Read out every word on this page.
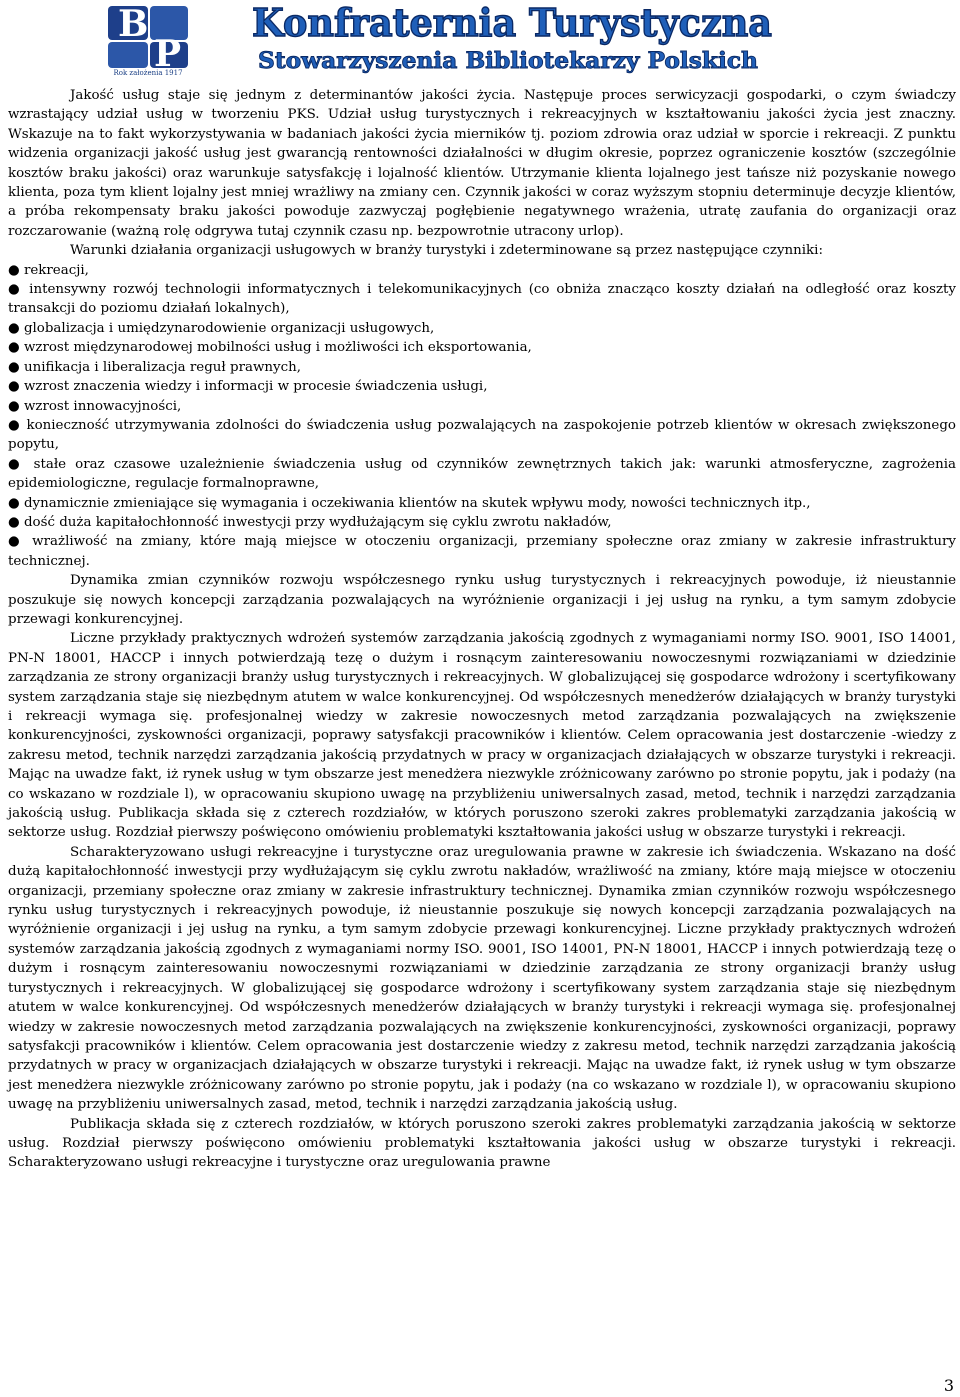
B
P
Rok założenia 1917
Konfraternia Turystyczna
Stowarzyszenia Bibliotekarzy Polskich

Jakość usług staje się jednym z determinantów jakości życia. Następuje proces serwicyzacji gospodarki, o czym świadczy wzrastający udział usług w tworzeniu PKS. Udział usług turystycznych i rekreacyjnych w kształtowaniu jakości życia jest znaczny. Wskazuje na to fakt wykorzystywania w badaniach jakości życia mierników tj. poziom zdrowia oraz udział w sporcie i rekreacji. Z punktu widzenia organizacji jakość usług jest gwarancją rentowności działalności w długim okresie, poprzez ograniczenie kosztów (szczególnie kosztów braku jakości) oraz warunkuje satysfakcję i lojalność klientów. Utrzymanie klienta lojalnego jest tańsze niż pozyskanie nowego klienta, poza tym klient lojalny jest mniej wrażliwy na zmiany cen. Czynnik jakości w coraz wyższym stopniu determinuje decyzje klientów, a próba rekompensaty braku jakości powoduje zazwyczaj pogłębienie negatywnego wrażenia, utratę zaufania do organizacji oraz rozczarowanie (ważną rolę odgrywa tutaj czynnik czasu np. bezpowrotnie utracony urlop).

Warunki działania organizacji usługowych w branży turystyki i zdeterminowane są przez następujące czynniki:

● rekreacji,

● intensywny rozwój technologii informatycznych i telekomunikacyjnych (co obniża znacząco koszty działań na odległość oraz koszty transakcji do poziomu działań lokalnych),

● globalizacja i umiędzynarodowienie organizacji usługowych,

● wzrost międzynarodowej mobilności usług i możliwości ich eksportowania,

● unifikacja i liberalizacja reguł prawnych,

● wzrost znaczenia wiedzy i informacji w procesie świadczenia usługi,

● wzrost innowacyjności,

● konieczność utrzymywania zdolności do świadczenia usług pozwalających na zaspokojenie potrzeb klientów w okresach zwiększonego popytu,

● stałe oraz czasowe uzależnienie świadczenia usług od czynników zewnętrznych takich jak: warunki atmosferyczne, zagrożenia epidemiologiczne, regulacje formalnoprawne,

● dynamicznie zmieniające się wymagania i oczekiwania klientów na skutek wpływu mody, nowości technicznych itp.,

● dość duża kapitałochłonność inwestycji przy wydłużającym się cyklu zwrotu nakładów,

● wrażliwość na zmiany, które mają miejsce w otoczeniu organizacji, przemiany społeczne oraz zmiany w zakresie infrastruktury technicznej.

Dynamika zmian czynników rozwoju współczesnego rynku usług turystycznych i rekreacyjnych powoduje, iż nieustannie poszukuje się nowych koncepcji zarządzania pozwalających na wyróżnienie organizacji i jej usług na rynku, a tym samym zdobycie przewagi konkurencyjnej.

Liczne przykłady praktycznych wdrożeń systemów zarządzania jakością zgodnych z wymaganiami normy ISO. 9001, ISO 14001, PN-N 18001, HACCP i innych potwierdzają tezę o dużym i rosnącym zainteresowaniu nowoczesnymi rozwiązaniami w dziedzinie zarządzania ze strony organizacji branży usług turystycznych i rekreacyjnych. W globalizującej się gospodarce wdrożony i scertyfikowany system zarządzania staje się niezbędnym atutem w walce konkurencyjnej. Od współczesnych menedżerów działających w branży turystyki i rekreacji wymaga się. profesjonalnej wiedzy w zakresie nowoczesnych metod zarządzania pozwalających na zwiększenie konkurencyjności, zyskowności organizacji, poprawy satysfakcji pracowników i klientów. Celem opracowania jest dostarczenie -wiedzy z zakresu metod, technik narzędzi zarządzania jakością przydatnych w pracy w organizacjach działających w obszarze turystyki i rekreacji. Mając na uwadze fakt, iż rynek usług w tym obszarze jest menedżera niezwykle zróżnicowany zarówno po stronie popytu, jak i podaży (na co wskazano w rozdziale l), w opracowaniu skupiono uwagę na przybliżeniu uniwersalnych zasad, metod, technik i narzędzi zarządzania jakością usług. Publikacja składa się z czterech rozdziałów, w których poruszono szeroki zakres problematyki zarządzania jakością w sektorze usług. Rozdział pierwszy poświęcono omówieniu problematyki kształtowania jakości usług w obszarze turystyki i rekreacji.

Scharakteryzowano usługi rekreacyjne i turystyczne oraz uregulowania prawne w zakresie ich świadczenia. Wskazano na dość dużą kapitałochłonność inwestycji przy wydłużającym się cyklu zwrotu nakładów, wrażliwość na zmiany, które mają miejsce w otoczeniu organizacji, przemiany społeczne oraz zmiany w zakresie infrastruktury technicznej. Dynamika zmian czynników rozwoju współczesnego rynku usług turystycznych i rekreacyjnych powoduje, iż nieustannie poszukuje się nowych koncepcji zarządzania pozwalających na wyróżnienie organizacji i jej usług na rynku, a tym samym zdobycie przewagi konkurencyjnej. Liczne przykłady praktycznych wdrożeń systemów zarządzania jakością zgodnych z wymaganiami normy ISO. 9001, ISO 14001, PN-N 18001, HACCP i innych potwierdzają tezę o dużym i rosnącym zainteresowaniu nowoczesnymi rozwiązaniami w dziedzinie zarządzania ze strony organizacji branży usług turystycznych i rekreacyjnych. W globalizującej się gospodarce wdrożony i scertyfikowany system zarządzania staje się niezbędnym atutem w walce konkurencyjnej. Od współczesnych menedżerów działających w branży turystyki i rekreacji wymaga się. profesjonalnej wiedzy w zakresie nowoczesnych metod zarządzania pozwalających na zwiększenie konkurencyjności, zyskowności organizacji, poprawy satysfakcji pracowników i klientów. Celem opracowania jest dostarczenie wiedzy z zakresu metod, technik narzędzi zarządzania jakością przydatnych w pracy w organizacjach działających w obszarze turystyki i rekreacji. Mając na uwadze fakt, iż rynek usług w tym obszarze jest menedżera niezwykle zróżnicowany zarówno po stronie popytu, jak i podaży (na co wskazano w rozdziale l), w opracowaniu skupiono uwagę na przybliżeniu uniwersalnych zasad, metod, technik i narzędzi zarządzania jakością usług.

Publikacja składa się z czterech rozdziałów, w których poruszono szeroki zakres problematyki zarządzania jakością w sektorze usług. Rozdział pierwszy poświęcono omówieniu problematyki kształtowania jakości usług w obszarze turystyki i rekreacji. Scharakteryzowano usługi rekreacyjne i turystyczne oraz uregulowania prawne

3
